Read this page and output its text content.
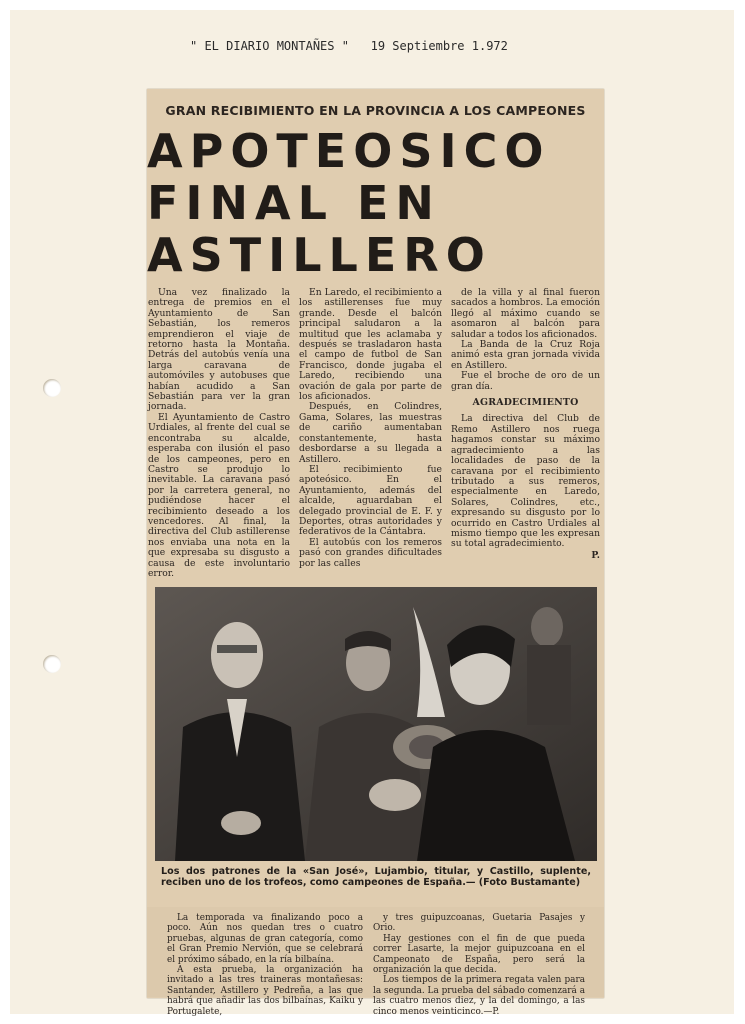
" EL DIARIO MONTAÑES "   19 Septiembre 1.972
GRAN RECIBIMIENTO EN LA PROVINCIA A LOS CAMPEONES
APOTEOSICO
FINAL EN
ASTILLERO

Una vez finalizado la entrega de premios en el Ayuntamiento de San Sebastián, los remeros emprendieron el viaje de retorno hasta la Montaña. Detrás del autobús venía una larga caravana de automóviles y autobuses que habían acudido a San Sebastián para ver la gran jornada.

El Ayuntamiento de Castro Urdiales, al frente del cual se encontraba su alcalde, esperaba con ilusión el paso de los campeones, pero en Castro se produjo lo inevitable. La caravana pasó por la carretera general, no pudiéndose hacer el recibimiento deseado a los vencedores. Al final, la directiva del Club astillerense nos enviaba una nota en la que expresaba su disgusto a causa de este involuntario error.

En Laredo, el recibimiento a los astillerenses fue muy grande. Desde el balcón principal saludaron a la multitud que les aclamaba y después se trasladaron hasta el campo de futbol de San Francisco, donde jugaba el Laredo, recibiendo una ovación de gala por parte de los aficionados.

Después, en Colindres, Gama, Solares, las muestras de cariño aumentaban constantemente, hasta desbordarse a su llegada a Astillero.

El recibimiento fue apoteósico. En el Ayuntamiento, además del alcalde, aguardaban el delegado provincial de E. F. y Deportes, otras autoridades y federativos de la Cántabra.

El autobús con los remeros pasó con grandes dificultades por las calles

de la villa y al final fueron sacados a hombros. La emoción llegó al máximo cuando se asomaron al balcón para saludar a todos los aficionados.

La Banda de la Cruz Roja animó esta gran jornada vivida en Astillero.

Fue el broche de oro de un gran día.

AGRADECIMIENTO

La directiva del Club de Remo Astillero nos ruega hagamos constar su máximo agradecimiento a las localidades de paso de la caravana por el recibimiento tributado a sus remeros, especialmente en Laredo, Solares, Colindres, etc., expresando su disgusto por lo ocurrido en Castro Urdiales al mismo tiempo que les expresan su total agradecimiento.

P.

Los dos patrones de la «San José», Lujambio, titular, y Castillo, suplente, reciben uno de los trofeos, como campeones de España.— (Foto Bustamante)

La temporada va finalizando poco a poco. Aún nos quedan tres o cuatro pruebas, algunas de gran categoría, como el Gran Premio Nervión, que se celebrará el próximo sábado, en la ría bilbaína.

A esta prueba, la organización ha invitado a las tres traineras montañesas: Santander, Astillero y Pedreña, a las que habrá que añadir las dos bilbaínas, Kaiku y Portugalete,

y tres guipuzcoanas, Guetaria Pasajes y Orio.

Hay gestiones con el fin de que pueda correr Lasarte, la mejor guipuzcoana en el Campeonato de España, pero será la organización la que decida.

Los tiempos de la primera regata valen para la segunda. La prueba del sábado comenzará a las cuatro menos diez, y la del domingo, a las cinco menos veinticinco.—P.
